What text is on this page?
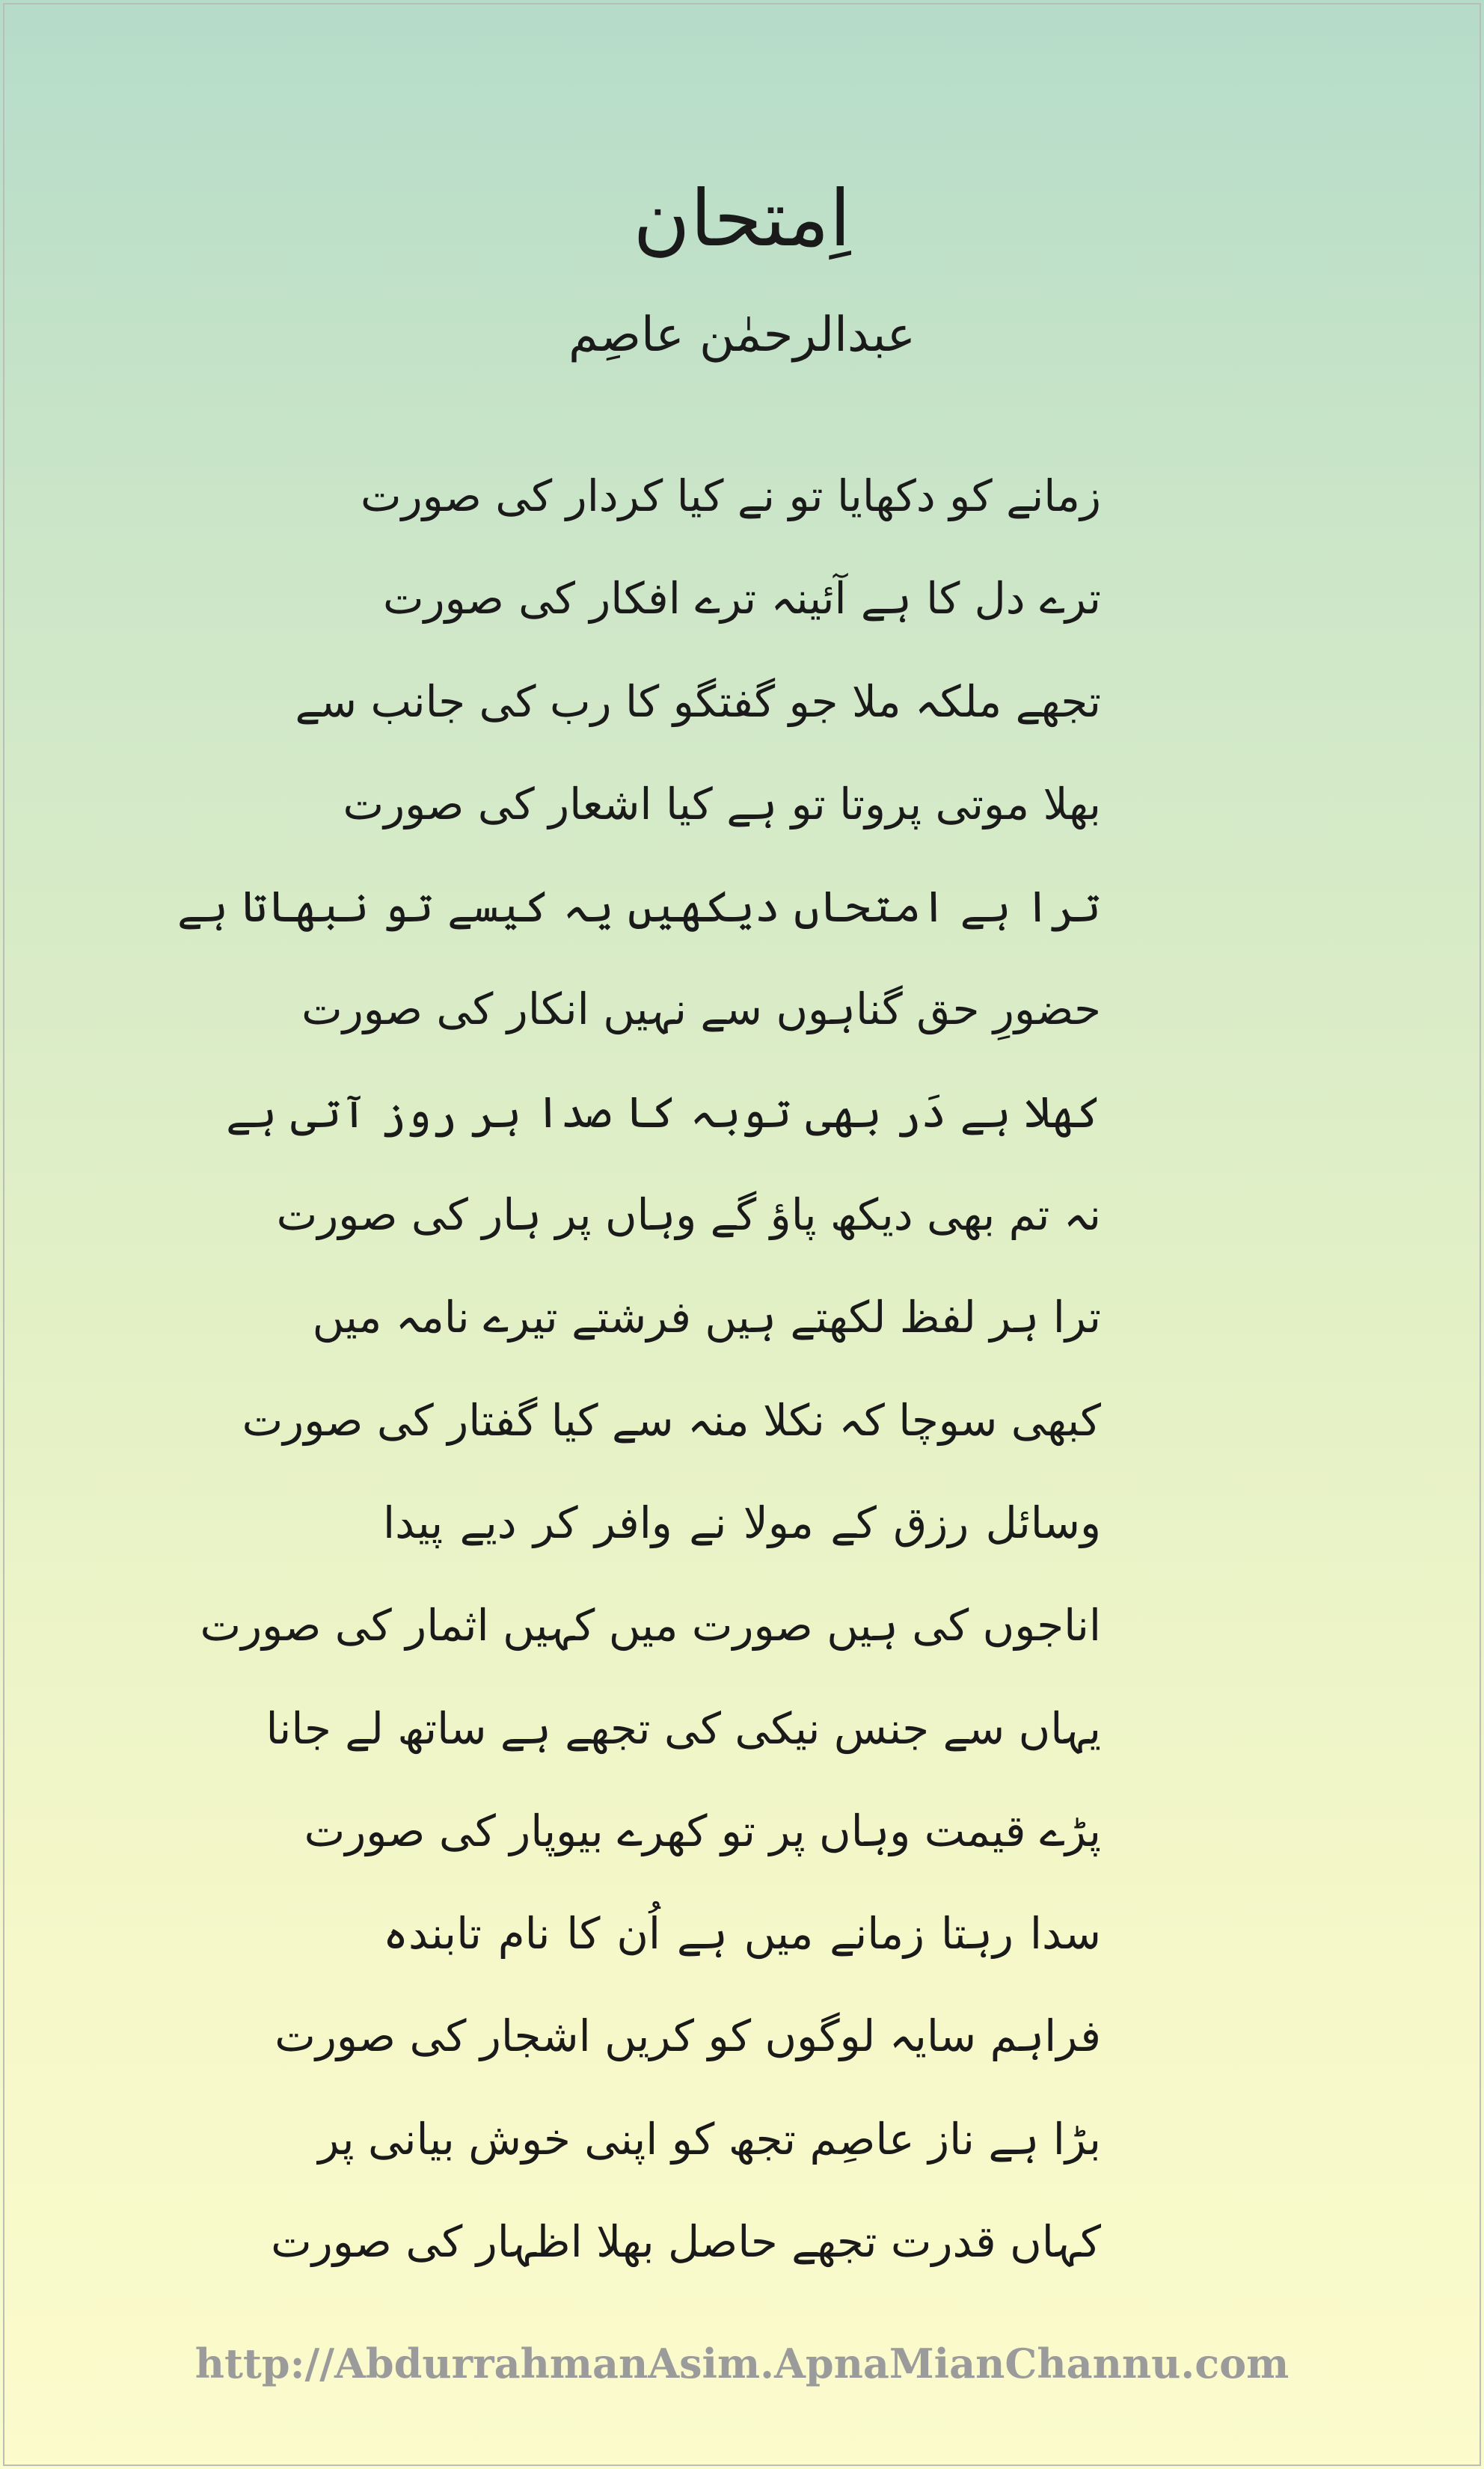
اِمتحان
عبدالرحمٰن عاصِم
زمانے کو دکھایا تو نے کیا کردار کی صورت
ترے دل کا ہے آئینہ ترے افکار کی صورت
تجھے ملکہ ملا جو گفتگو کا رب کی جانب سے
بھلا موتی پروتا تو ہے کیا اشعار کی صورت
ترا ہے امتحاں دیکھیں یہ کیسے تو نبھاتا ہے
حضورِ حق گناہوں سے نہیں انکار کی صورت
کھلا ہے دَر بھی توبہ کا صدا ہر روز آتی ہے
نہ تم بھی دیکھ پاؤ گے وہاں پر ہار کی صورت
ترا ہر لفظ لکھتے ہیں فرشتے تیرے نامہ میں
کبھی سوچا کہ نکلا منہ سے کیا گفتار کی صورت
وسائل رزق کے مولا نے وافر کر دیے پیدا
اناجوں کی ہیں صورت میں کہیں اثمار کی صورت
یہاں سے جنس نیکی کی تجھے ہے ساتھ لے جانا
پڑے قیمت وہاں پر تو کھرے بیوپار کی صورت
سدا رہتا زمانے میں ہے اُن کا نام تابندہ
فراہم سایہ لوگوں کو کریں اشجار کی صورت
بڑا ہے ناز عاصِم تجھ کو اپنی خوش بیانی پر
کہاں قدرت تجھے حاصل بھلا اظہار کی صورت
http://AbdurrahmanAsim.ApnaMianChannu.com
